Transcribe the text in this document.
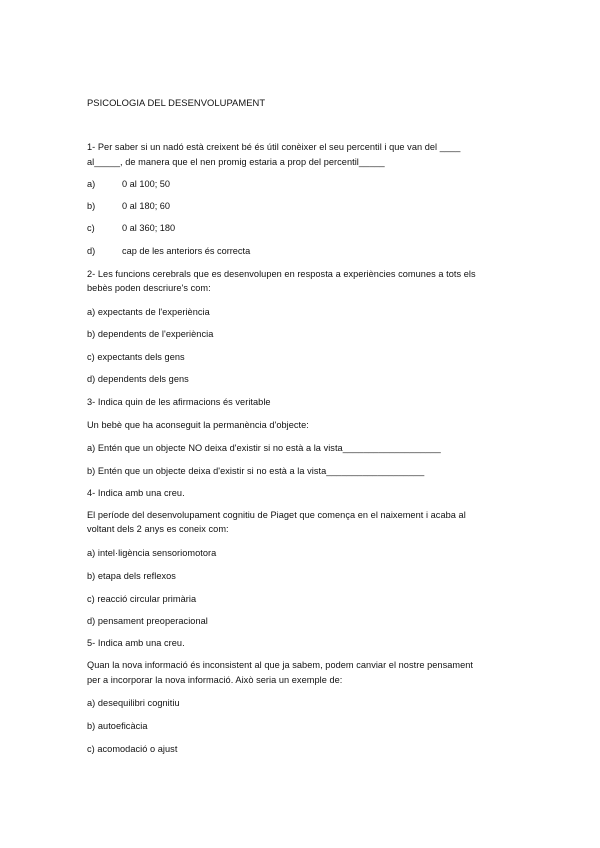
PSICOLOGIA DEL DESENVOLUPAMENT
1- Per saber si un nadó està creixent bé és útil conèixer el seu percentil i que van del ____
al_____, de manera que el nen promig estaria a prop del percentil_____
a)	0 al 100; 50
b)	0 al 180; 60
c)	0 al 360; 180
d)	cap de les anteriors és correcta
2- Les funcions cerebrals que es desenvolupen en resposta a experiències comunes a tots els
bebès poden descriure's com:
a) expectants de l'experiència
b) dependents de l'experiència
c) expectants dels gens
d) dependents dels gens
3- Indica quin de les afirmacions és veritable
Un bebè que ha aconseguit la permanència d'objecte:
a) Entén que un objecte NO deixa d'existir si no està a la vista___________________
b) Entén que un objecte deixa d'existir si no està a la vista___________________
4- Indica amb una creu.
El període del desenvolupament cognitiu de Piaget que comença en el naixement i acaba al
voltant dels 2 anys es coneix com:
a) intel·ligència sensoriomotora
b) etapa dels reflexos
c) reacció circular primària
d) pensament preoperacional
5- Indica amb una creu.
Quan la nova informació és inconsistent al que ja sabem, podem canviar el nostre pensament
per a incorporar la nova informació. Això seria un exemple de:
a) desequilibri cognitiu
b) autoeficàcia
c) acomodació o ajust
